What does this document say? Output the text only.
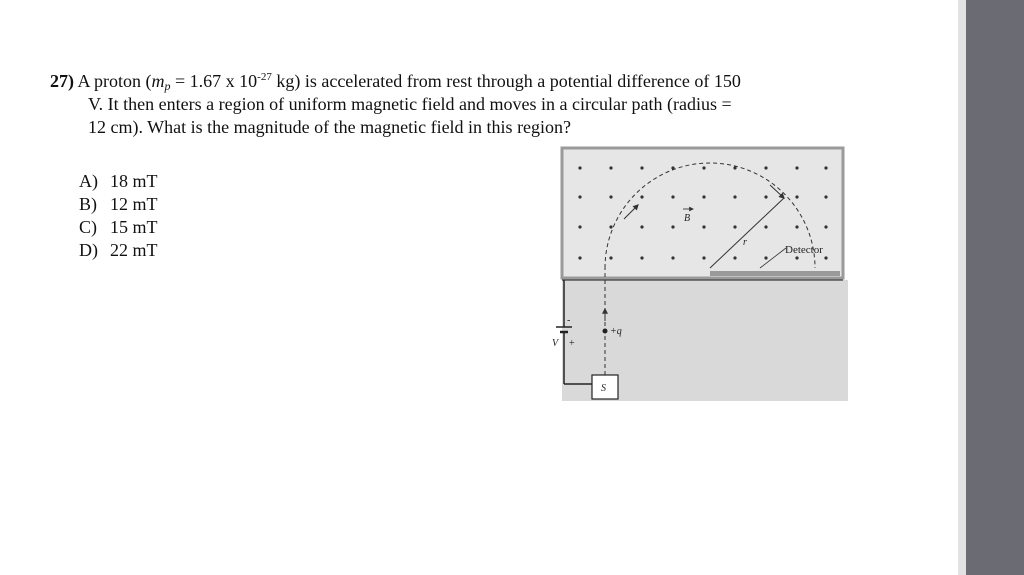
27) A proton ($m_p = 1.67$ x $10^{-27}$ kg) is accelerated from rest through a potential difference of 150
V. It then enters a region of uniform magnetic field and moves in a circular path (radius =
12 cm). What is the magnitude of the magnetic field in this region?
A) 18 mT
B) 12 mT
C) 15 mT
D) 22 mT	r
B
Detector
+q
-
+
V
S
